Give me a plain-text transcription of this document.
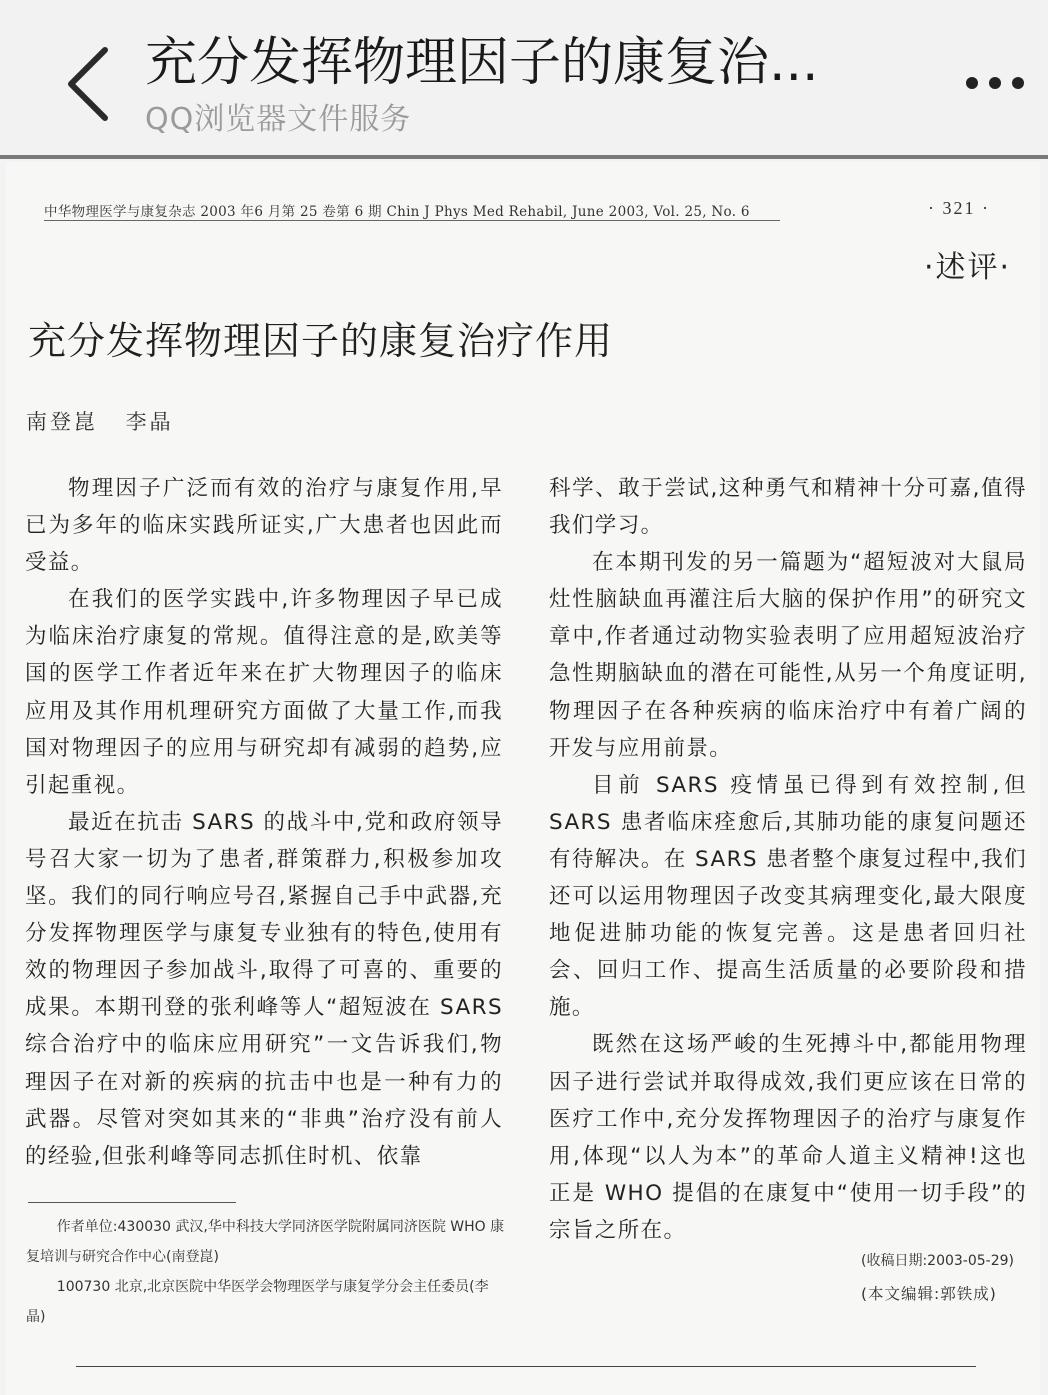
充分发挥物理因子的康复治...
QQ浏览器文件服务
中华物理医学与康复杂志 2003 年6 月第 25 卷第 6 期 Chin J Phys Med Rehabil, June 2003, Vol. 25, No. 6	· 321 ·
·述评·
充分发挥物理因子的康复治疗作用
南登崑 李晶

物理因子广泛而有效的治疗与康复作用,早已为多年的临床实践所证实,广大患者也因此而受益。

在我们的医学实践中,许多物理因子早已成为临床治疗康复的常规。值得注意的是,欧美等国的医学工作者近年来在扩大物理因子的临床应用及其作用机理研究方面做了大量工作,而我国对物理因子的应用与研究却有减弱的趋势,应引起重视。

最近在抗击 SARS 的战斗中,党和政府领导号召大家一切为了患者,群策群力,积极参加攻坚。我们的同行响应号召,紧握自己手中武器,充分发挥物理医学与康复专业独有的特色,使用有效的物理因子参加战斗,取得了可喜的、重要的成果。本期刊登的张利峰等人“超短波在 SARS 综合治疗中的临床应用研究”一文告诉我们,物理因子在对新的疾病的抗击中也是一种有力的武器。尽管对突如其来的“非典”治疗没有前人的经验,但张利峰等同志抓住时机、依靠

科学、敢于尝试,这种勇气和精神十分可嘉,值得我们学习。

在本期刊发的另一篇题为“超短波对大鼠局灶性脑缺血再灌注后大脑的保护作用”的研究文章中,作者通过动物实验表明了应用超短波治疗急性期脑缺血的潜在可能性,从另一个角度证明,物理因子在各种疾病的临床治疗中有着广阔的开发与应用前景。

目前 SARS 疫情虽已得到有效控制,但 SARS 患者临床痊愈后,其肺功能的康复问题还有待解决。在 SARS 患者整个康复过程中,我们还可以运用物理因子改变其病理变化,最大限度地促进肺功能的恢复完善。这是患者回归社会、回归工作、提高生活质量的必要阶段和措施。

既然在这场严峻的生死搏斗中,都能用物理因子进行尝试并取得成效,我们更应该在日常的医疗工作中,充分发挥物理因子的治疗与康复作用,体现“以人为本”的革命人道主义精神!这也正是 WHO 提倡的在康复中“使用一切手段”的宗旨之所在。

作者单位:430030 武汉,华中科技大学同济医学院附属同济医院 WHO 康复培训与研究合作中心(南登崑)

100730 北京,北京医院中华医学会物理医学与康复学分会主任委员(李晶)

(收稿日期:2003-05-29)
(本文编辑:郭铁成)
